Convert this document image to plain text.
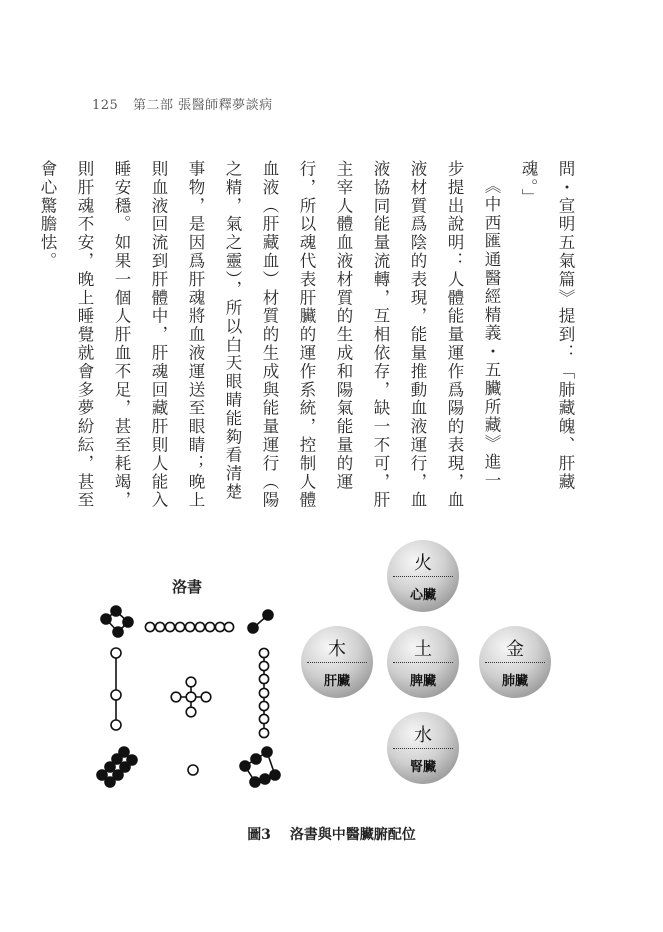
125 第二部 張醫師釋夢談病
問・宣明五氣篇》提到：「肺藏魄、肝藏
魂。」
《中西匯通醫經精義・五臟所藏》進一
步提出說明：人體能量運作爲陽的表現，血
液材質爲陰的表現，能量推動血液運行，血
液協同能量流轉，互相依存，缺一不可，肝
主宰人體血液材質的生成和陽氣能量的運
行，所以魂代表肝臟的運作系統，控制人體
血液（肝藏血）材質的生成與能量運行（陽
之精，氣之靈），所以白天眼睛能夠看清楚
事物，是因爲肝魂將血液運送至眼睛；晚上
則血液回流到肝體中，肝魂回藏肝則人能入
睡安穩。如果一個人肝血不足，甚至耗竭，
則肝魂不安，晚上睡覺就會多夢紛紜，甚至
會心驚膽怯。
洛書
火
心臟
木
肝臟
土
脾臟
金
肺臟
水
腎臟
圖3 洛書與中醫臟腑配位
